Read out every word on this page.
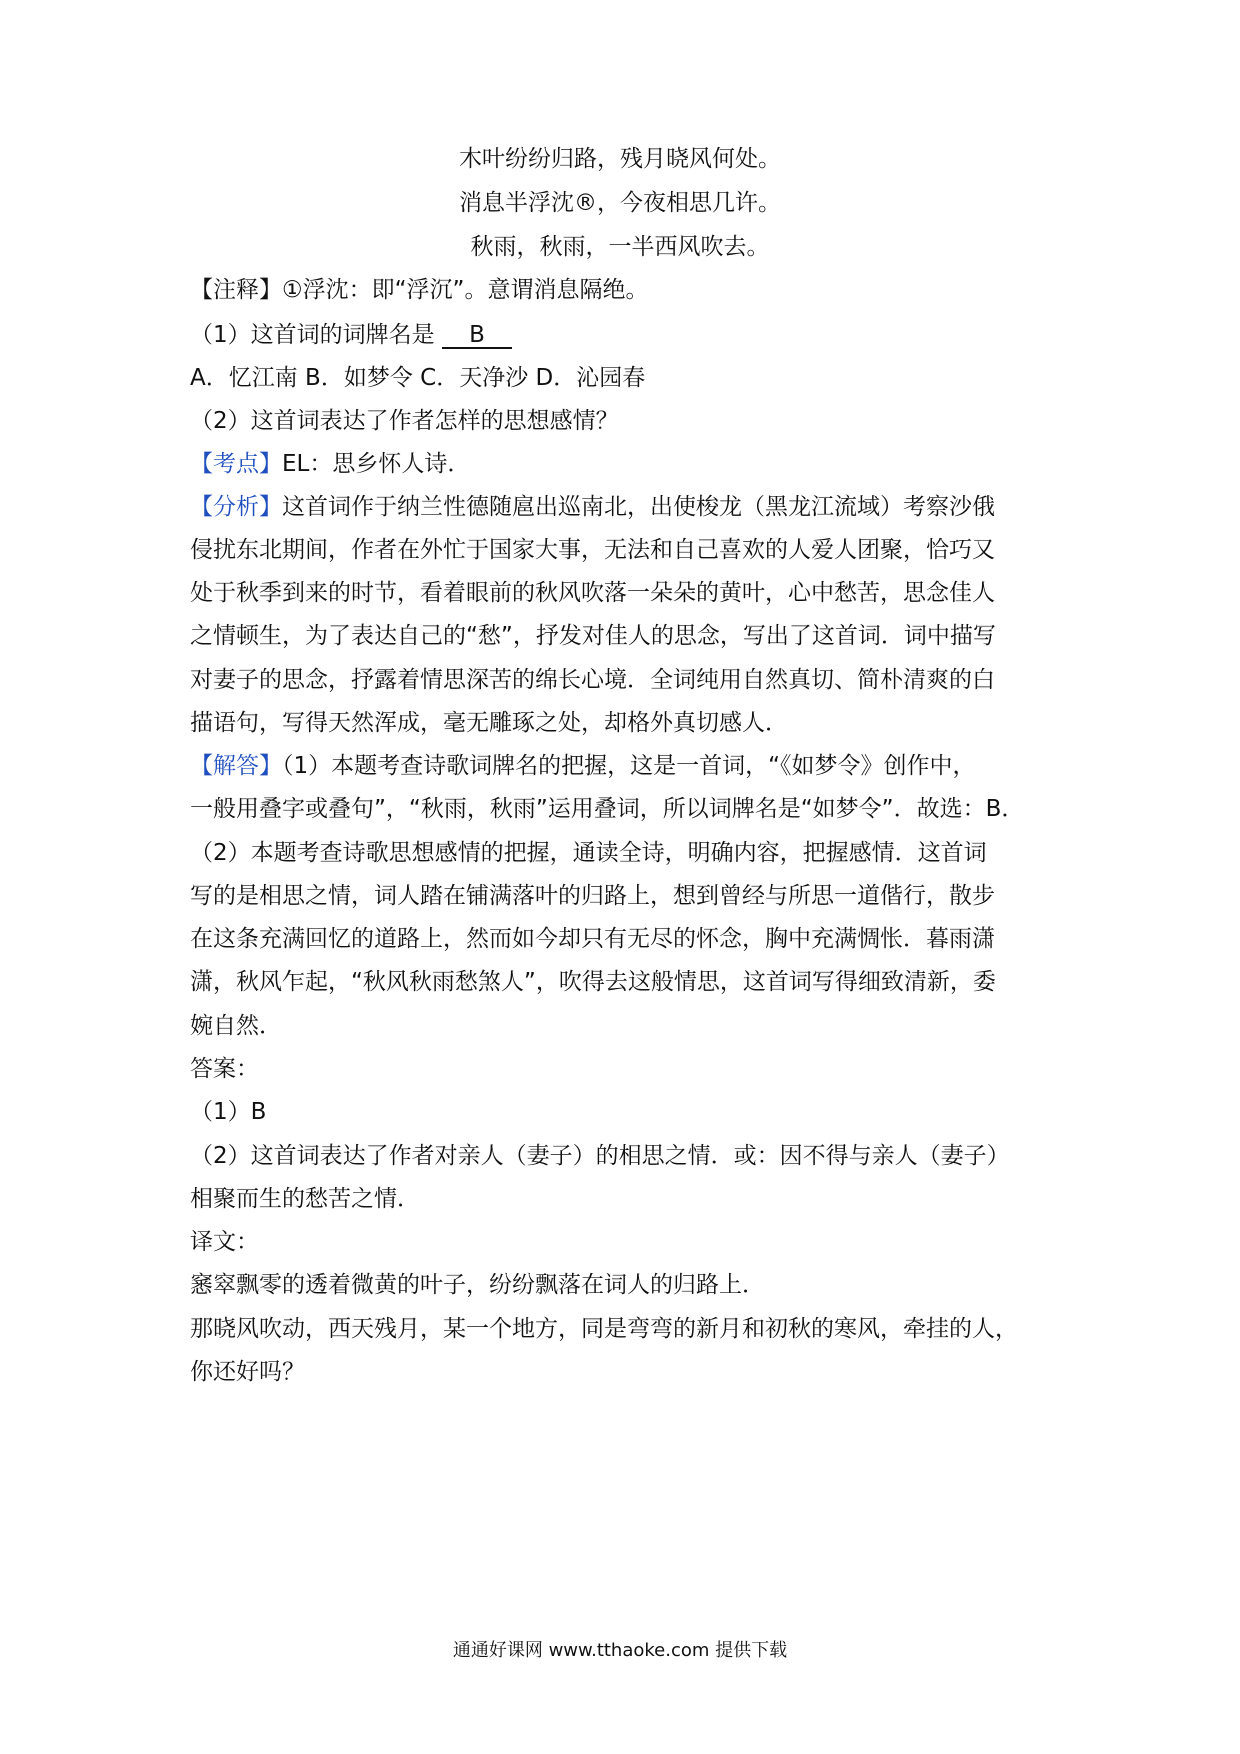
木叶纷纷归路，残月晓风何处。
消息半浮沈®，今夜相思几许。
秋雨，秋雨，一半西风吹去。
【注释】①浮沈：即“浮沉”。意谓消息隔绝。
（1）这首词的词牌名是 B
A．忆江南 B．如梦令 C．天净沙 D．沁园春
（2）这首词表达了作者怎样的思想感情？
【考点】EL：思乡怀人诗．
【分析】这首词作于纳兰性德随扈出巡南北，出使梭龙（黑龙江流域）考察沙俄
侵扰东北期间，作者在外忙于国家大事，无法和自己喜欢的人爱人团聚，恰巧又
处于秋季到来的时节，看着眼前的秋风吹落一朵朵的黄叶，心中愁苦，思念佳人
之情顿生，为了表达自己的“愁”，抒发对佳人的思念，写出了这首词．词中描写
对妻子的思念，抒露着情思深苦的绵长心境．全词纯用自然真切、简朴清爽的白
描语句，写得天然浑成，毫无雕琢之处，却格外真切感人．
【解答】（1）本题考查诗歌词牌名的把握，这是一首词，“《如梦令》创作中，
一般用叠字或叠句”，“秋雨，秋雨”运用叠词，所以词牌名是“如梦令”．故选：B．
（2）本题考查诗歌思想感情的把握，通读全诗，明确内容，把握感情．这首词
写的是相思之情，词人踏在铺满落叶的归路上，想到曾经与所思一道偕行，散步
在这条充满回忆的道路上，然而如今却只有无尽的怀念，胸中充满惆怅．暮雨潇
潇，秋风乍起，“秋风秋雨愁煞人”，吹得去这般情思，这首词写得细致清新，委
婉自然．
答案：
（1）B
（2）这首词表达了作者对亲人（妻子）的相思之情．或：因不得与亲人（妻子）
相聚而生的愁苦之情．
译文：
窸窣飘零的透着微黄的叶子，纷纷飘落在词人的归路上．
那晓风吹动，西天残月，某一个地方，同是弯弯的新月和初秋的寒风，牵挂的人，
你还好吗？
通通好课网 www.tthaoke.com 提供下载
